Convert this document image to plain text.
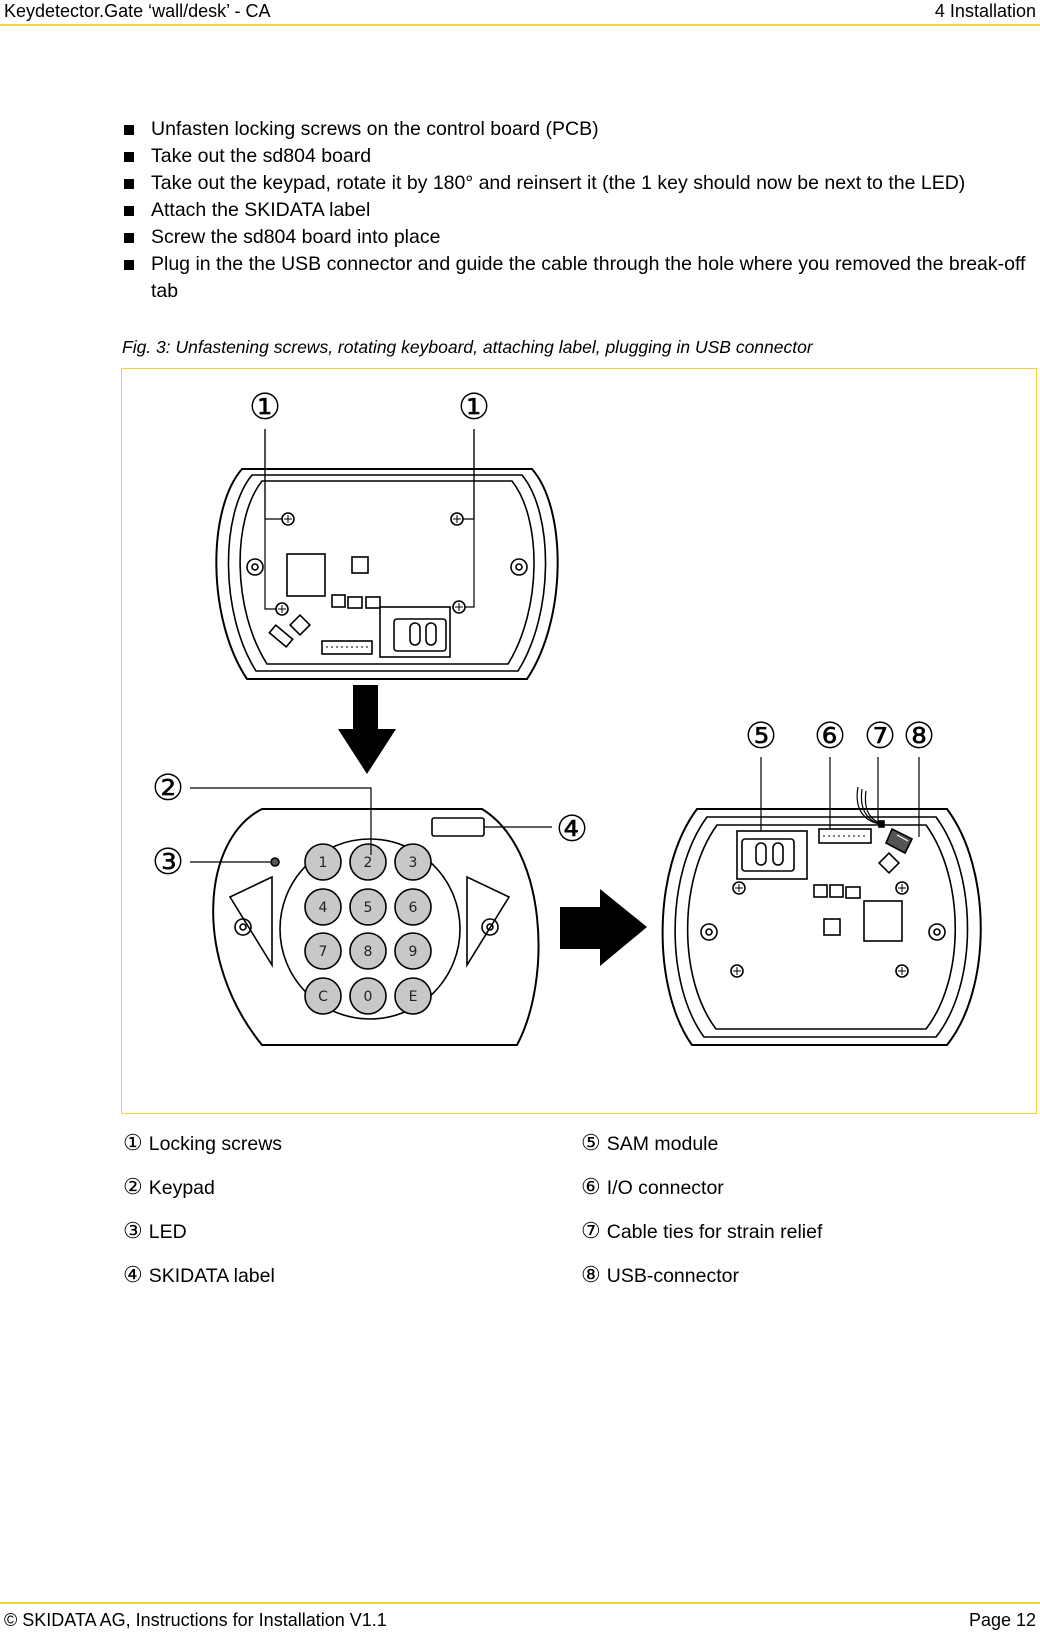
Keydetector.Gate ‘wall/desk’ - CA	4 Installation
Unfasten locking screws on the control board (PCB)
Take out the sd804 board
Take out the keypad, rotate it by 180° and reinsert it (the 1 key should now be next to the LED)
Attach the SKIDATA label
Screw the sd804 board into place
Plug in the the USB connector and guide the cable through the hole where you removed the break-off tab
Fig. 3: Unfastening screws, rotating keyboard, attaching label, plugging in USB connector
1	2	3
4	5	6
7	8	9
C	0	E
①	①
②
③
④
⑤ ⑥ ⑦ ⑧
① Locking screws
② Keypad
③ LED
④ SKIDATA label
⑤ SAM module
⑥ I/O connector
⑦ Cable ties for strain relief
⑧ USB-connector
© SKIDATA AG, Instructions for Installation V1.1	Page 12
